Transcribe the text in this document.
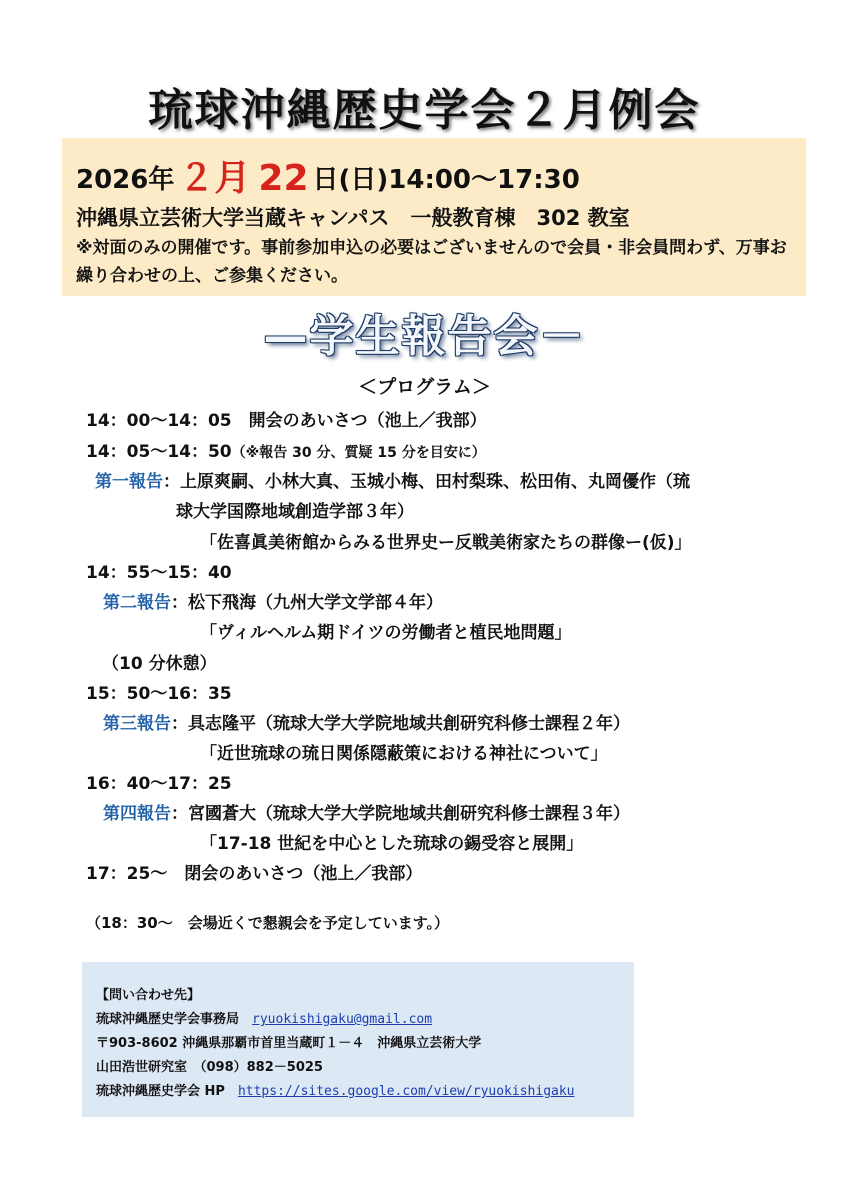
琉球沖縄歴史学会２月例会
2026年 ２月 22 日(日)14:00～17:30
沖縄県立芸術大学当蔵キャンパス　一般教育棟　302 教室
※対面のみの開催です。事前参加申込の必要はございませんので会員・非会員問わず、万事お繰り合わせの上、ご参集ください。
—学生報告会－
＜プログラム＞
14：00～14：05　開会のあいさつ（池上／我部）
14：05～14：50（※報告 30 分、質疑 15 分を目安に）
第一報告：上原爽嗣、小林大真、玉城小梅、田村梨珠、松田侑、丸岡優作（琉
球大学国際地域創造学部３年）
「佐喜眞美術館からみる世界史ー反戦美術家たちの群像ー(仮)」
14：55～15：40
第二報告：松下飛海（九州大学文学部４年）
「ヴィルヘルム期ドイツの労働者と植民地問題」
（10 分休憩）
15：50～16：35
第三報告：具志隆平（琉球大学大学院地域共創研究科修士課程２年）
「近世琉球の琉日関係隠蔽策における神社について」
16：40～17：25
第四報告：宮國蒼大（琉球大学大学院地域共創研究科修士課程３年）
「17-18 世紀を中心とした琉球の錫受容と展開」
17：25～　閉会のあいさつ（池上／我部）
（18：30～　会場近くで懇親会を予定しています。）
【問い合わせ先】
琉球沖縄歴史学会事務局　 ryuokishigaku@gmail.com
〒903-8602 沖縄県那覇市首里当蔵町１－４　沖縄県立芸術大学
山田浩世研究室　（098）882－5025
琉球沖縄歴史学会 HP　 https://sites.google.com/view/ryuokishigaku
